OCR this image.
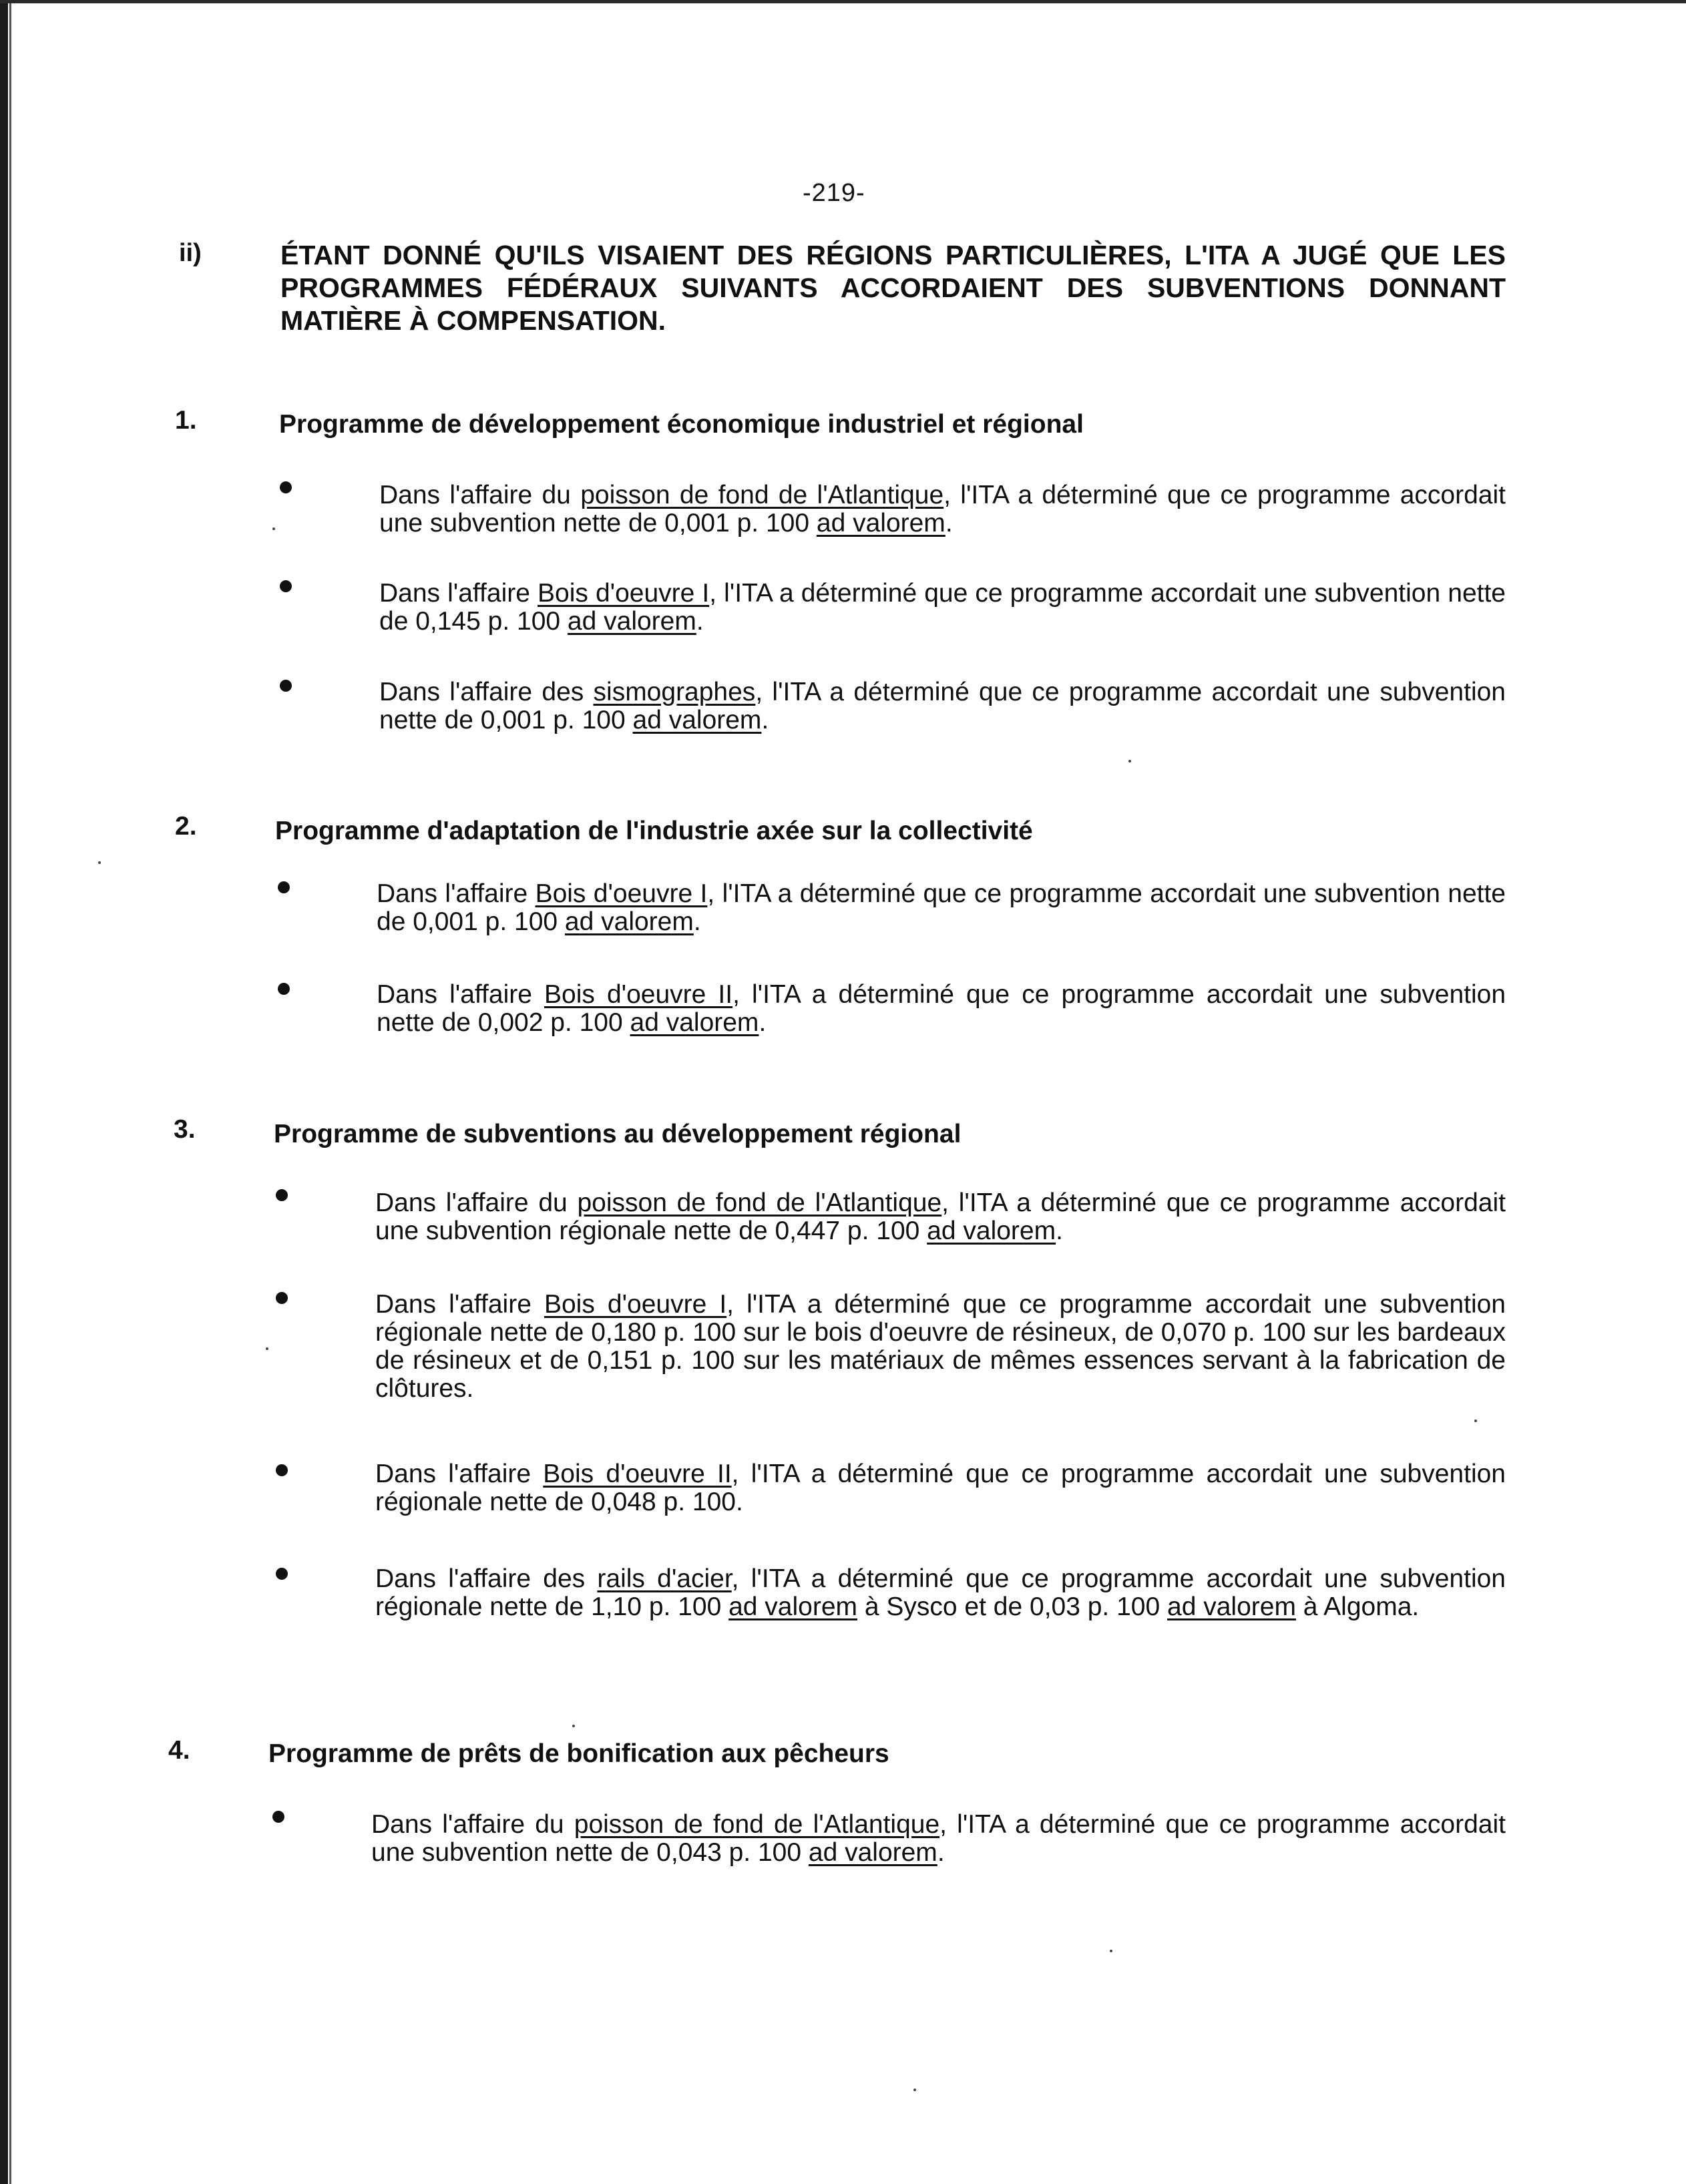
-219-
ii)	ÉTANT DONNÉ QU'ILS VISAIENT DES RÉGIONS PARTICULIÈRES, L'ITA A JUGÉ QUE LES PROGRAMMES FÉDÉRAUX SUIVANTS ACCORDAIENT DES SUBVENTIONS DONNANT MATIÈRE À COMPENSATION.
1.	Programme de développement économique industriel et régional
Dans l'affaire du poisson de fond de l'Atlantique, l'ITA a déterminé que ce programme accordait une subvention nette de 0,001 p. 100 ad valorem.
Dans l'affaire Bois d'oeuvre I, l'ITA a déterminé que ce programme accordait une subvention nette de 0,145 p. 100 ad valorem.
Dans l'affaire des sismographes, l'ITA a déterminé que ce programme accordait une subvention nette de 0,001 p. 100 ad valorem.
2.	Programme d'adaptation de l'industrie axée sur la collectivité
Dans l'affaire Bois d'oeuvre I, l'ITA a déterminé que ce programme accordait une subvention nette de 0,001 p. 100 ad valorem.
Dans l'affaire Bois d'oeuvre II, l'ITA a déterminé que ce programme accordait une subvention nette de 0,002 p. 100 ad valorem.
3.	Programme de subventions au développement régional
Dans l'affaire du poisson de fond de l'Atlantique, l'ITA a déterminé que ce programme accordait une subvention régionale nette de 0,447 p. 100 ad valorem.
Dans l'affaire Bois d'oeuvre I, l'ITA a déterminé que ce programme accordait une subvention régionale nette de 0,180 p. 100 sur le bois d'oeuvre de résineux, de 0,070 p. 100 sur les bardeaux de résineux et de 0,151 p. 100 sur les matériaux de mêmes essences servant à la fabrication de clôtures.
Dans l'affaire Bois d'oeuvre II, l'ITA a déterminé que ce programme accordait une subvention régionale nette de 0,048 p. 100.
Dans l'affaire des rails d'acier, l'ITA a déterminé que ce programme accordait une subvention régionale nette de 1,10 p. 100 ad valorem à Sysco et de 0,03 p. 100 ad valorem à Algoma.
4.	Programme de prêts de bonification aux pêcheurs
Dans l'affaire du poisson de fond de l'Atlantique, l'ITA a déterminé que ce programme accordait une subvention nette de 0,043 p. 100 ad valorem.
